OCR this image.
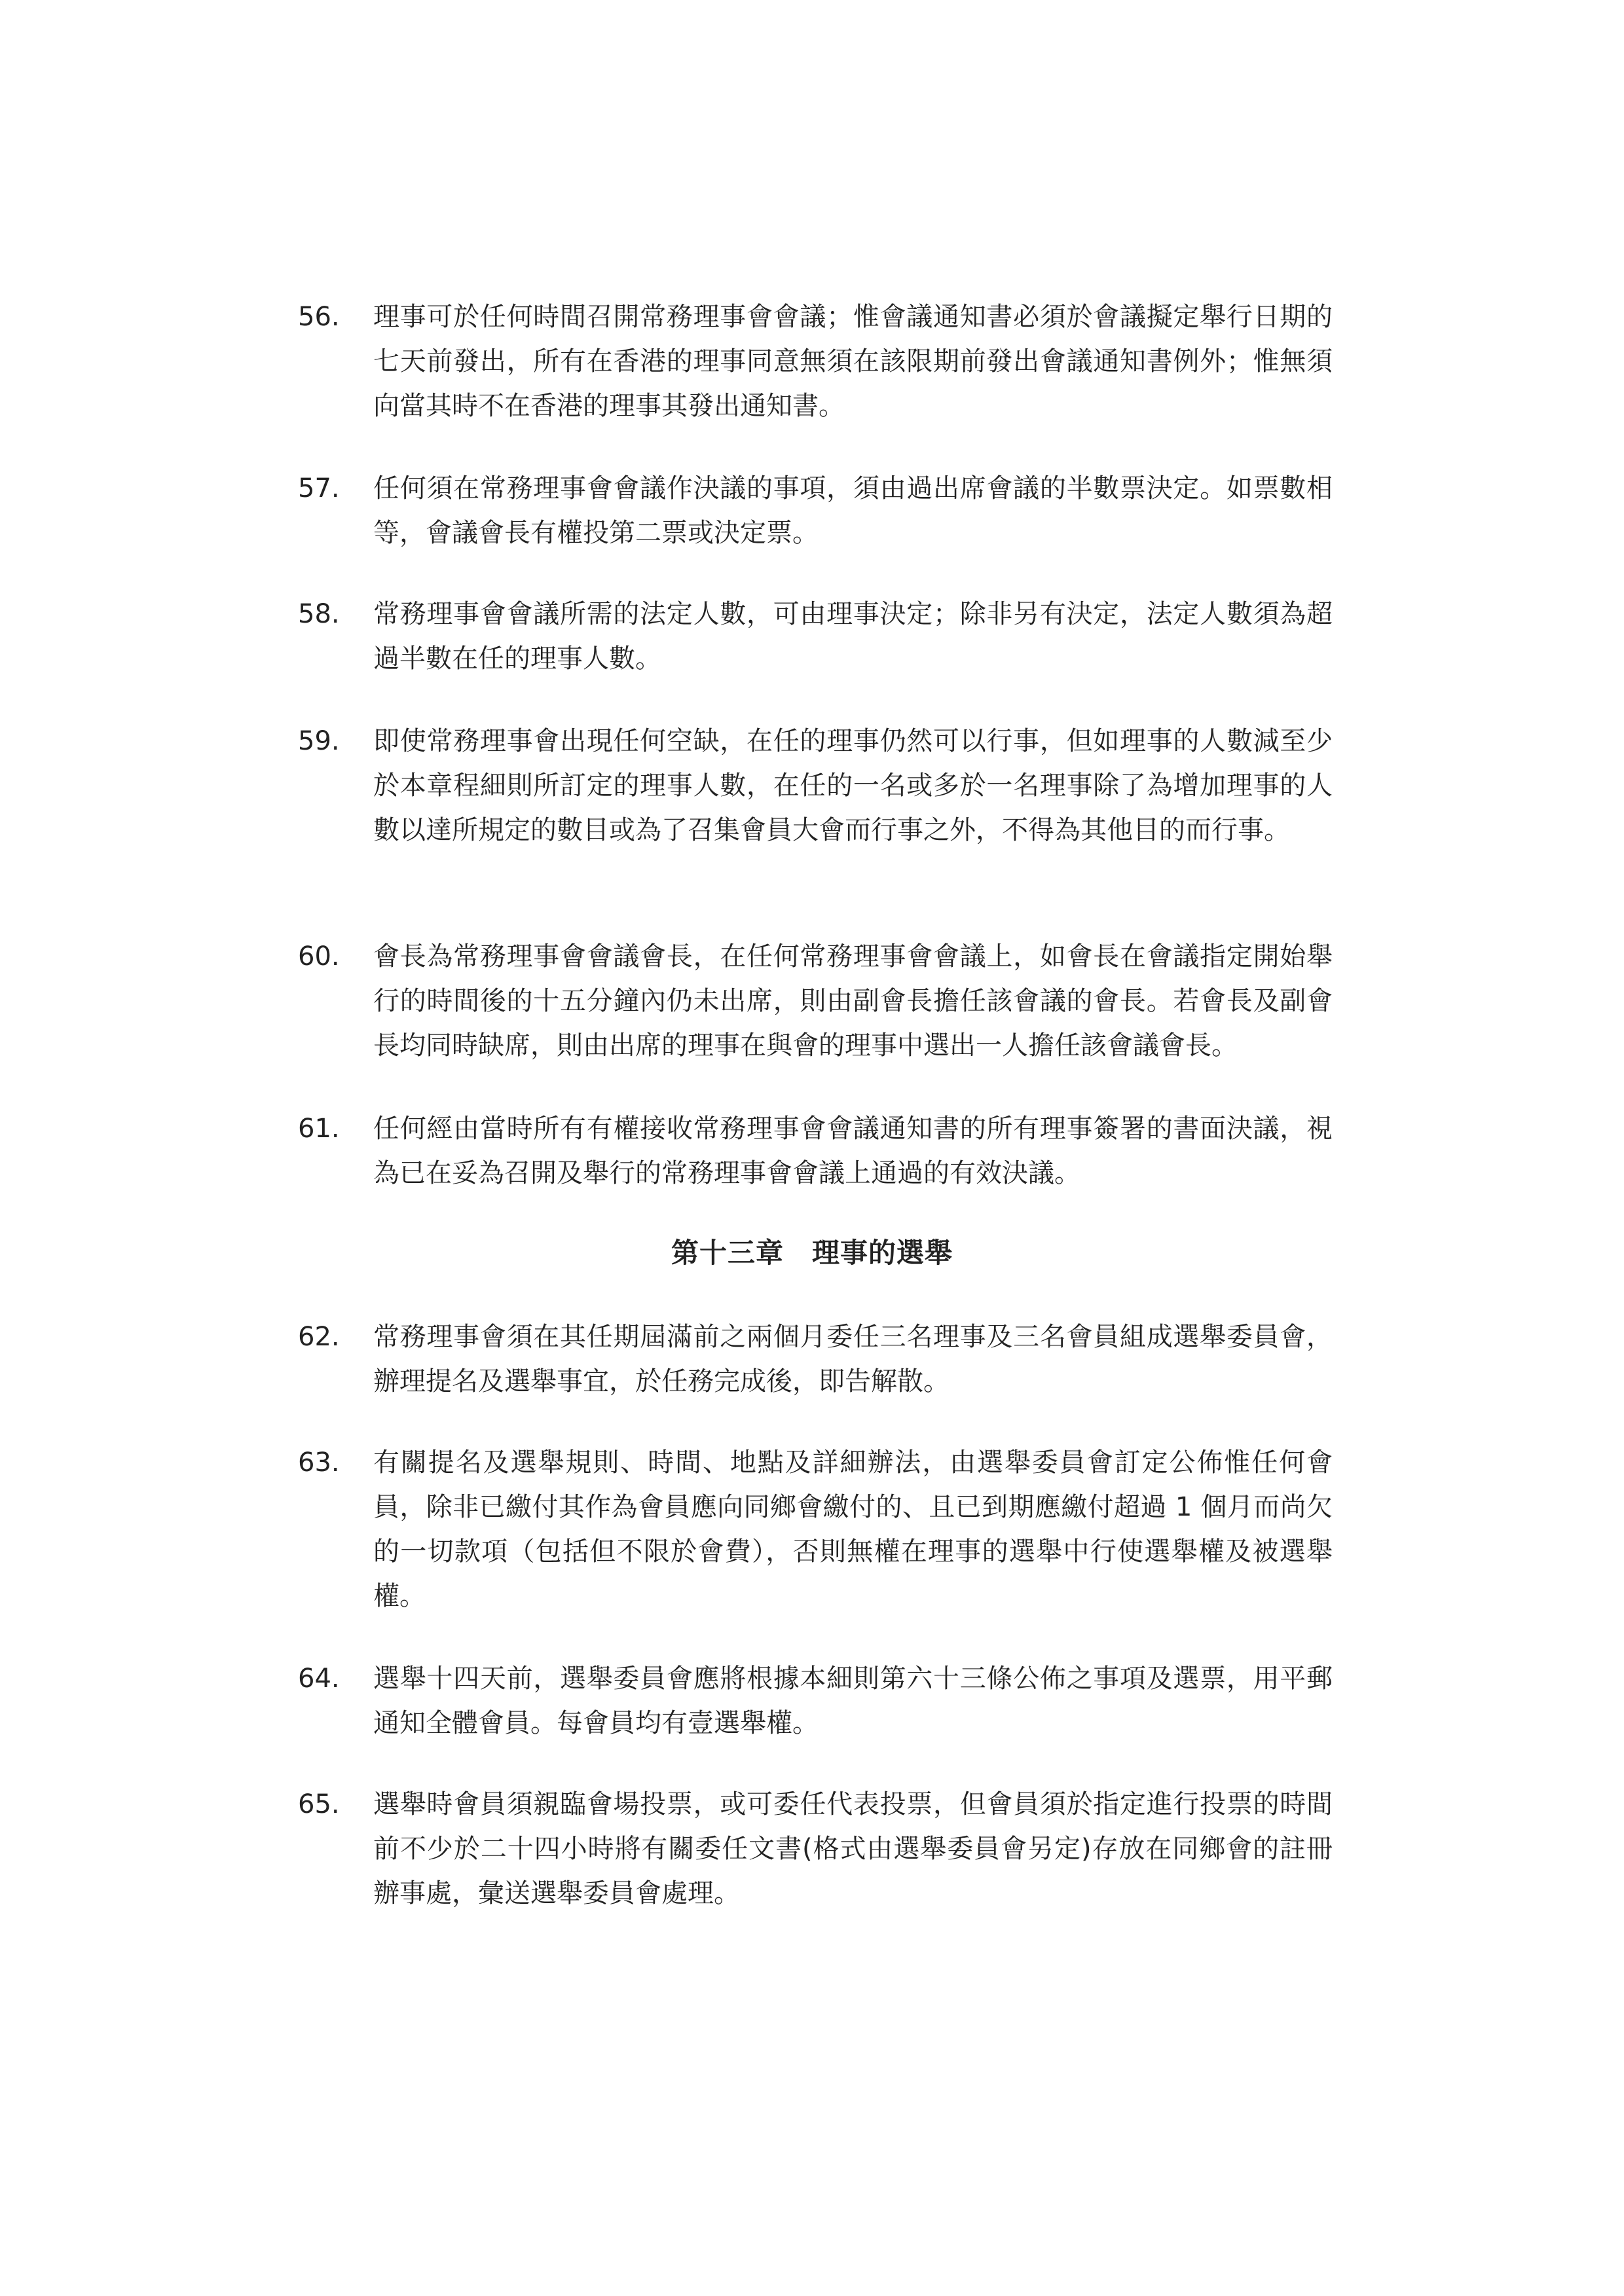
56.	理事可於任何時間召開常務理事會會議；惟會議通知書必須於會議擬定舉行日期的七天前發出，所有在香港的理事同意無須在該限期前發出會議通知書例外；惟無須向當其時不在香港的理事其發出通知書。
57.	任何須在常務理事會會議作決議的事項，須由過出席會議的半數票決定。如票數相等，會議會長有權投第二票或決定票。
58.	常務理事會會議所需的法定人數，可由理事決定；除非另有決定，法定人數須為超過半數在任的理事人數。
59.	即使常務理事會出現任何空缺，在任的理事仍然可以行事，但如理事的人數減至少於本章程細則所訂定的理事人數，在任的一名或多於一名理事除了為增加理事的人數以達所規定的數目或為了召集會員大會而行事之外，不得為其他目的而行事。
60.	會長為常務理事會會議會長，在任何常務理事會會議上，如會長在會議指定開始舉行的時間後的十五分鐘內仍未出席，則由副會長擔任該會議的會長。若會長及副會長均同時缺席，則由出席的理事在與會的理事中選出一人擔任該會議會長。
61.	任何經由當時所有有權接收常務理事會會議通知書的所有理事簽署的書面決議，視為已在妥為召開及舉行的常務理事會會議上通過的有效決議。
第十三章　理事的選舉
62.	常務理事會須在其任期屆滿前之兩個月委任三名理事及三名會員組成選舉委員會，辦理提名及選舉事宜，於任務完成後，即告解散。
63.	有關提名及選舉規則、時間、地點及詳細辦法，由選舉委員會訂定公佈惟任何會員，除非已繳付其作為會員應向同鄉會繳付的、且已到期應繳付超過 1 個月而尚欠的一切款項（包括但不限於會費），否則無權在理事的選舉中行使選舉權及被選舉權。
64.	選舉十四天前，選舉委員會應將根據本細則第六十三條公佈之事項及選票，用平郵通知全體會員。每會員均有壹選舉權。
65.	選舉時會員須親臨會場投票，或可委任代表投票，但會員須於指定進行投票的時間前不少於二十四小時將有關委任文書(格式由選舉委員會另定)存放在同鄉會的註冊辦事處，彙送選舉委員會處理。
